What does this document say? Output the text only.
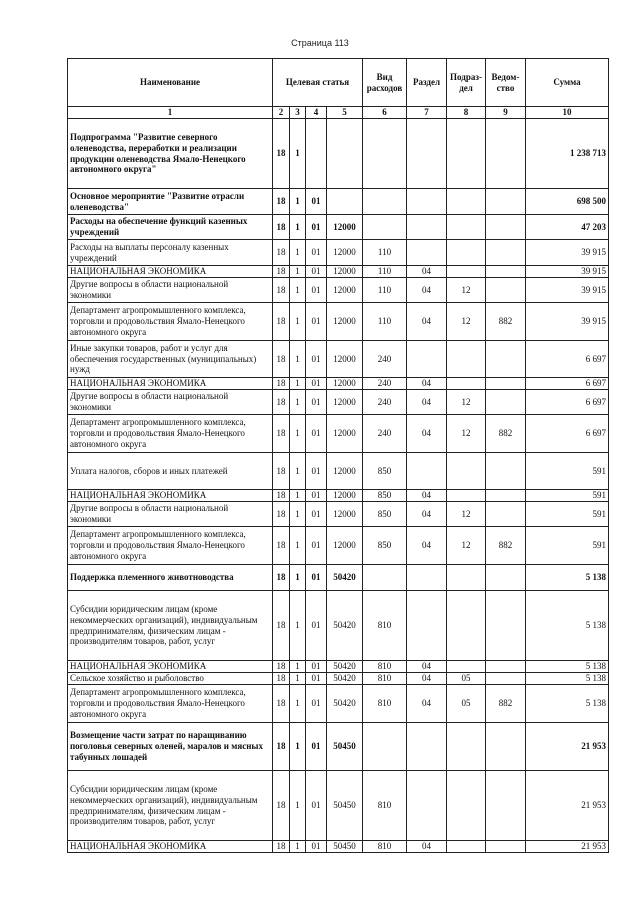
Страница 113
Наименование	Целевая статья				Вид расходов	Раздел	Подраз-дел	Ведом-ство	Сумма
1	2	3	4	5	6	7	8	9	10
Подпрограмма "Развитие северного оленеводства, переработки и реализации продукции оленеводства Ямало-Ненецкого автономного округа"	18	1							1 238 713
Основное мероприятие "Развитие отрасли оленеводства"	18	1	01						698 500
Расходы на обеспечение функций казенных учреждений	18	1	01	12000					47 203
Расходы на выплаты персоналу казенных учреждений	18	1	01	12000	110				39 915
НАЦИОНАЛЬНАЯ ЭКОНОМИКА	18	1	01	12000	110	04			39 915
Другие вопросы в области национальной экономики	18	1	01	12000	110	04	12		39 915
Департамент агропромышленного комплекса, торговли и продовольствия Ямало-Ненецкого автономного округа	18	1	01	12000	110	04	12	882	39 915
Иные закупки товаров, работ и услуг для обеспечения государственных (муниципальных) нужд	18	1	01	12000	240				6 697
НАЦИОНАЛЬНАЯ ЭКОНОМИКА	18	1	01	12000	240	04			6 697
Другие вопросы в области национальной экономики	18	1	01	12000	240	04	12		6 697
Департамент агропромышленного комплекса, торговли и продовольствия Ямало-Ненецкого автономного округа	18	1	01	12000	240	04	12	882	6 697
Уплата налогов, сборов и иных платежей	18	1	01	12000	850				591
НАЦИОНАЛЬНАЯ ЭКОНОМИКА	18	1	01	12000	850	04			591
Другие вопросы в области национальной экономики	18	1	01	12000	850	04	12		591
Департамент агропромышленного комплекса, торговли и продовольствия Ямало-Ненецкого автономного округа	18	1	01	12000	850	04	12	882	591
Поддержка племенного животноводства	18	1	01	50420					5 138
Субсидии юридическим лицам (кроме некоммерческих организаций), индивидуальным предпринимателям, физическим лицам - производителям товаров, работ, услуг	18	1	01	50420	810				5 138
НАЦИОНАЛЬНАЯ ЭКОНОМИКА	18	1	01	50420	810	04			5 138
Сельское хозяйство и рыболовство	18	1	01	50420	810	04	05		5 138
Департамент агропромышленного комплекса, торговли и продовольствия Ямало-Ненецкого автономного округа	18	1	01	50420	810	04	05	882	5 138
Возмещение части затрат по наращиванию поголовья северных оленей, маралов и мясных табунных лошадей	18	1	01	50450					21 953
Субсидии юридическим лицам (кроме некоммерческих организаций), индивидуальным предпринимателям, физическим лицам - производителям товаров, работ, услуг	18	1	01	50450	810				21 953
НАЦИОНАЛЬНАЯ ЭКОНОМИКА	18	1	01	50450	810	04			21 953
